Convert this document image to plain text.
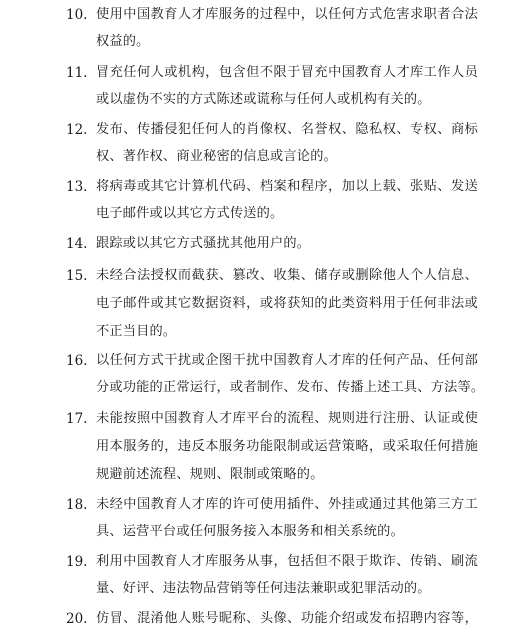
10. 使用中国教育人才库服务的过程中，以任何方式危害求职者合法
权益的。
11. 冒充任何人或机构，包含但不限于冒充中国教育人才库工作人员
或以虚伪不实的方式陈述或谎称与任何人或机构有关的。
12. 发布、传播侵犯任何人的肖像权、名誉权、隐私权、专权、商标
权、著作权、商业秘密的信息或言论的。
13. 将病毒或其它计算机代码、档案和程序，加以上载、张贴、发送
电子邮件或以其它方式传送的。
14. 跟踪或以其它方式骚扰其他用户的。
15. 未经合法授权而截获、篡改、收集、储存或删除他人个人信息、
电子邮件或其它数据资料，或将获知的此类资料用于任何非法或
不正当目的。
16. 以任何方式干扰或企图干扰中国教育人才库的任何产品、任何部
分或功能的正常运行，或者制作、发布、传播上述工具、方法等。
17. 未能按照中国教育人才库平台的流程、规则进行注册、认证或使
用本服务的，违反本服务功能限制或运营策略，或采取任何措施
规避前述流程、规则、限制或策略的。
18. 未经中国教育人才库的许可使用插件、外挂或通过其他第三方工
具、运营平台或任何服务接入本服务和相关系统的。
19. 利用中国教育人才库服务从事，包括但不限于欺诈、传销、刷流
量、好评、违法物品营销等任何违法兼职或犯罪活动的。
20. 仿冒、混淆他人账号昵称、头像、功能介绍或发布招聘内容等，
